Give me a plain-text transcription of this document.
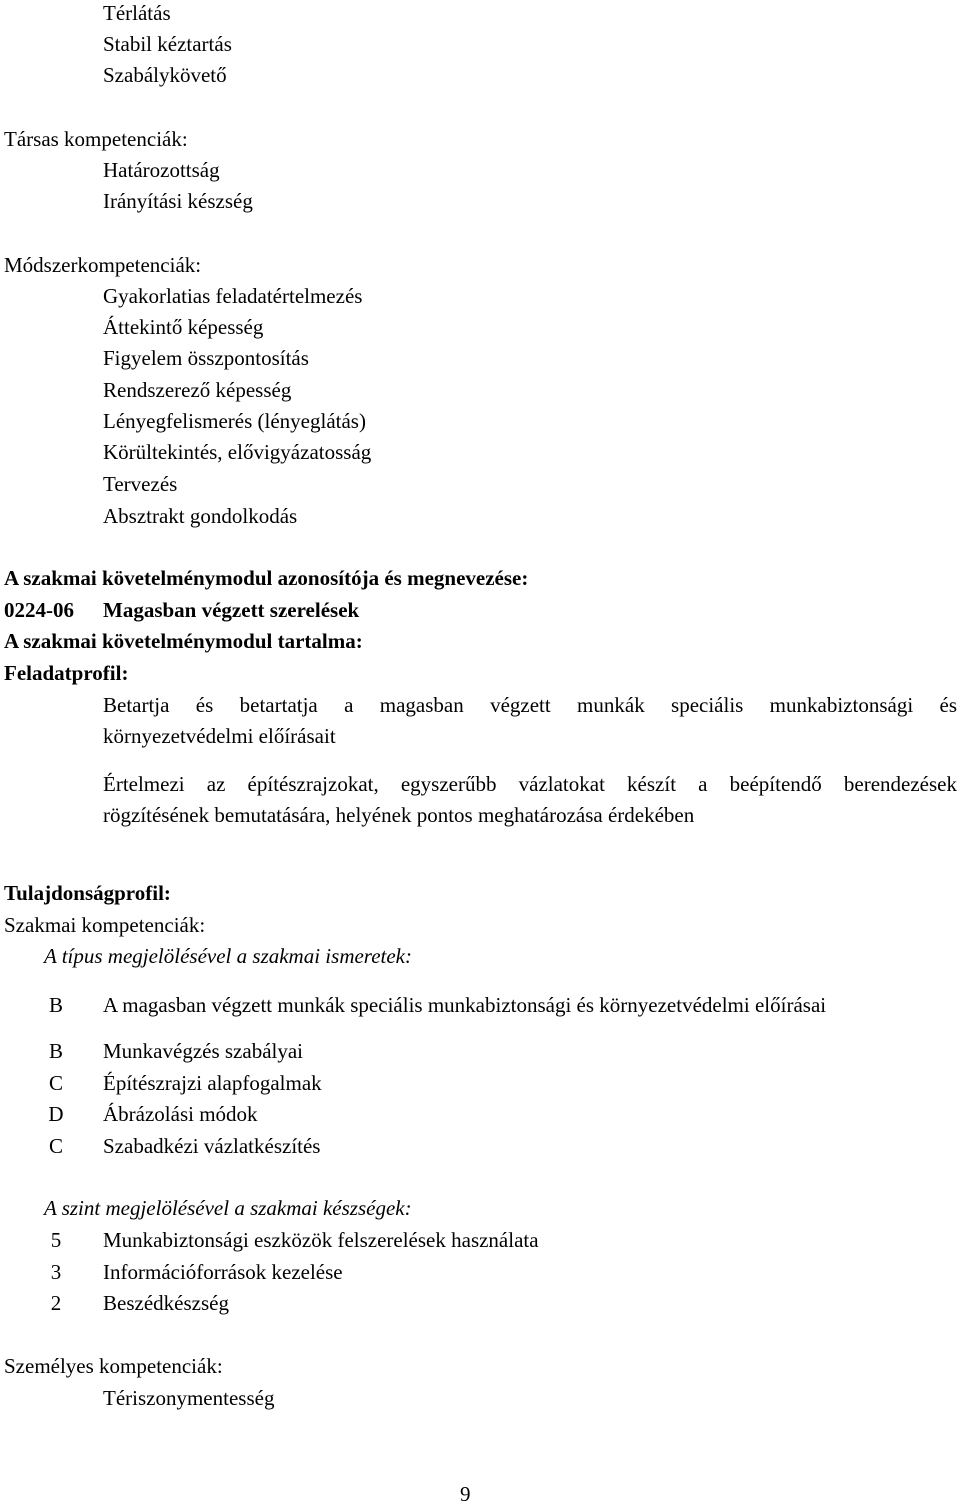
Térlátás
Stabil kéztartás
Szabálykövető
Társas kompetenciák:
Határozottság
Irányítási készség
Módszerkompetenciák:
Gyakorlatias feladatértelmezés
Áttekintő képesség
Figyelem összpontosítás
Rendszerező képesség
Lényegfelismerés (lényeglátás)
Körültekintés, elővigyázatosság
Tervezés
Absztrakt gondolkodás
A szakmai követelménymodul azonosítója és megnevezése:
0224-06 Magasban végzett szerelések
A szakmai követelménymodul tartalma:
Feladatprofil:
Betartja és betartatja a magasban végzett munkák speciális munkabiztonsági és
környezetvédelmi előírásait
Értelmezi az építészrajzokat, egyszerűbb vázlatokat készít a beépítendő berendezések
rögzítésének bemutatására, helyének pontos meghatározása érdekében
Tulajdonságprofil:
Szakmai kompetenciák:
A típus megjelölésével a szakmai ismeretek:
B A magasban végzett munkák speciális munkabiztonsági és környezetvédelmi előírásai
B Munkavégzés szabályai
C Építészrajzi alapfogalmak
D Ábrázolási módok
C Szabadkézi vázlatkészítés
A szint megjelölésével a szakmai készségek:
5	Munkabiztonsági eszközök felszerelések használata
3	Információforrások kezelése
2	Beszédkészség
Személyes kompetenciák:
Tériszonymentesség
9
